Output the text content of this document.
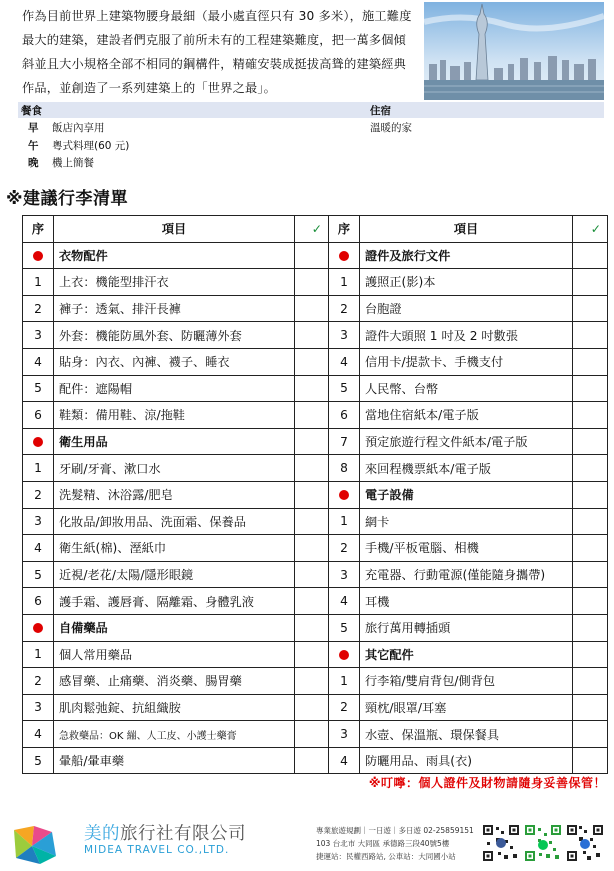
作為目前世界上建築物腰身最細（最小處直徑只有 30 多米），施工難度最大的建築，建設者們克服了前所未有的工程建築難度，把一萬多個傾斜並且大小規格全部不相同的鋼構件，精確安裝成挺拔高聳的建築經典作品，並創造了一系列建築上的「世界之最」。
餐食	住宿
早 飯店內享用	溫暖的家
午 粵式料理(60 元)
晚 機上簡餐
※建議行李清單
序	項目	✓	序	項目	✓
	衣物配件			證件及旅行文件	
1	上衣：機能型排汗衣		1	護照正(影)本	
2	褲子：透氣、排汗長褲		2	台胞證	
3	外套：機能防風外套、防曬薄外套		3	證件大頭照 1 吋及 2 吋數張	
4	貼身：內衣、內褲、襪子、睡衣		4	信用卡/提款卡、手機支付	
5	配件：遮陽帽		5	人民幣、台幣	
6	鞋類：備用鞋、涼/拖鞋		6	當地住宿紙本/電子版	
	衛生用品		7	預定旅遊行程文件紙本/電子版	
1	牙刷/牙膏、漱口水		8	來回程機票紙本/電子版	
2	洗髮精、沐浴露/肥皂			電子設備	
3	化妝品/卸妝用品、洗面霜、保養品		1	網卡	
4	衛生紙(棉)、溼紙巾		2	手機/平板電腦、相機	
5	近視/老花/太陽/隱形眼鏡		3	充電器、行動電源(僅能隨身攜帶)	
6	護手霜、護唇膏、隔離霜、身體乳液		4	耳機	
	自備藥品		5	旅行萬用轉插頭	
1	個人常用藥品			其它配件	
2	感冒藥、止痛藥、消炎藥、腸胃藥		1	行李箱/雙肩背包/側背包	
3	肌肉鬆弛錠、抗組織胺		2	頸枕/眼罩/耳塞	
4	急救藥品：OK 繃、人工皮、小護士藥膏		3	水壺、保溫瓶、環保餐具	
5	暈船/暈車藥		4	防曬用品、雨具(衣)	
※叮嚀：個人證件及財物請隨身妥善保管！
美的旅行社有限公司
MIDEA TRAVEL CO.,LTD.
專業旅遊規劃｜一日遊｜多日遊 02-25859151
103 台北市 大同區 承德路三段40號5樓
捷運站：民權西路站, 公車站：大同國小站
